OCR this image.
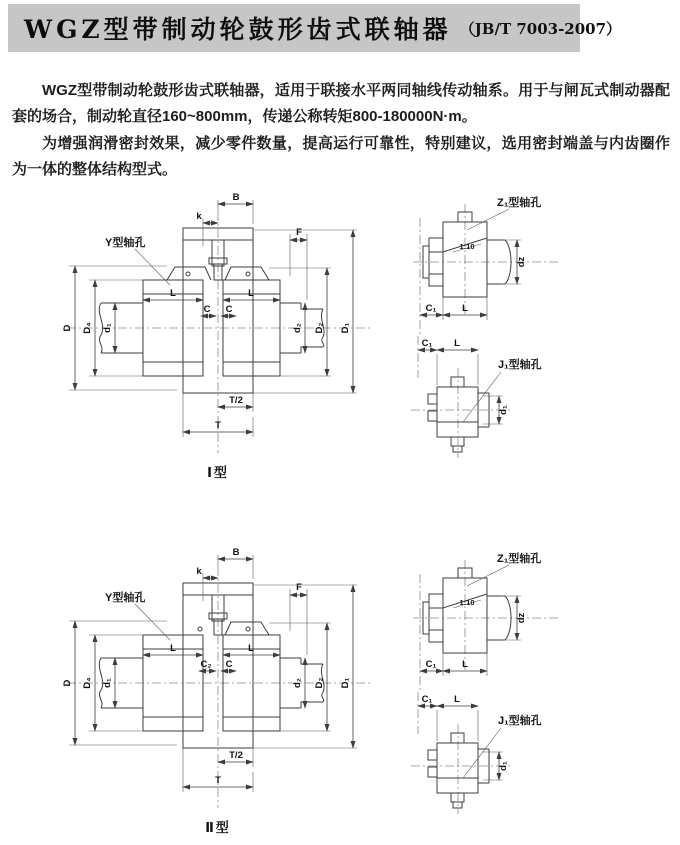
WGZ型带制动轮鼓形齿式联轴器 （JB/T 7003-2007）

WGZ型带制动轮鼓形齿式联轴器，适用于联接水平两同轴线传动轴系。用于与闸瓦式制动器配套的场合，制动轮直径160~800mm，传递公称转矩800-180000N·m。

为增强润滑密封效果，减少零件数量，提高运行可靠性，特别建议，选用密封端盖与内齿圈作为一体的整体结构型式。

B
k
F
Y型轴孔
L	L
C C
D D₄ d₁	d₂ D₂ D₁
T/2
T
Ⅰ型
1:10
Z₁型轴孔
dz
C₁	L
C₁ L
d₁
J₁型轴孔
B
k
F
Y型轴孔
L	L
C₂ C
D D₄ d₁	d₂ D₂ D₁
T/2
T
Ⅱ型
1:10
Z₁型轴孔
dz
C₁	L
C₁ L
d₁
J₁型轴孔
